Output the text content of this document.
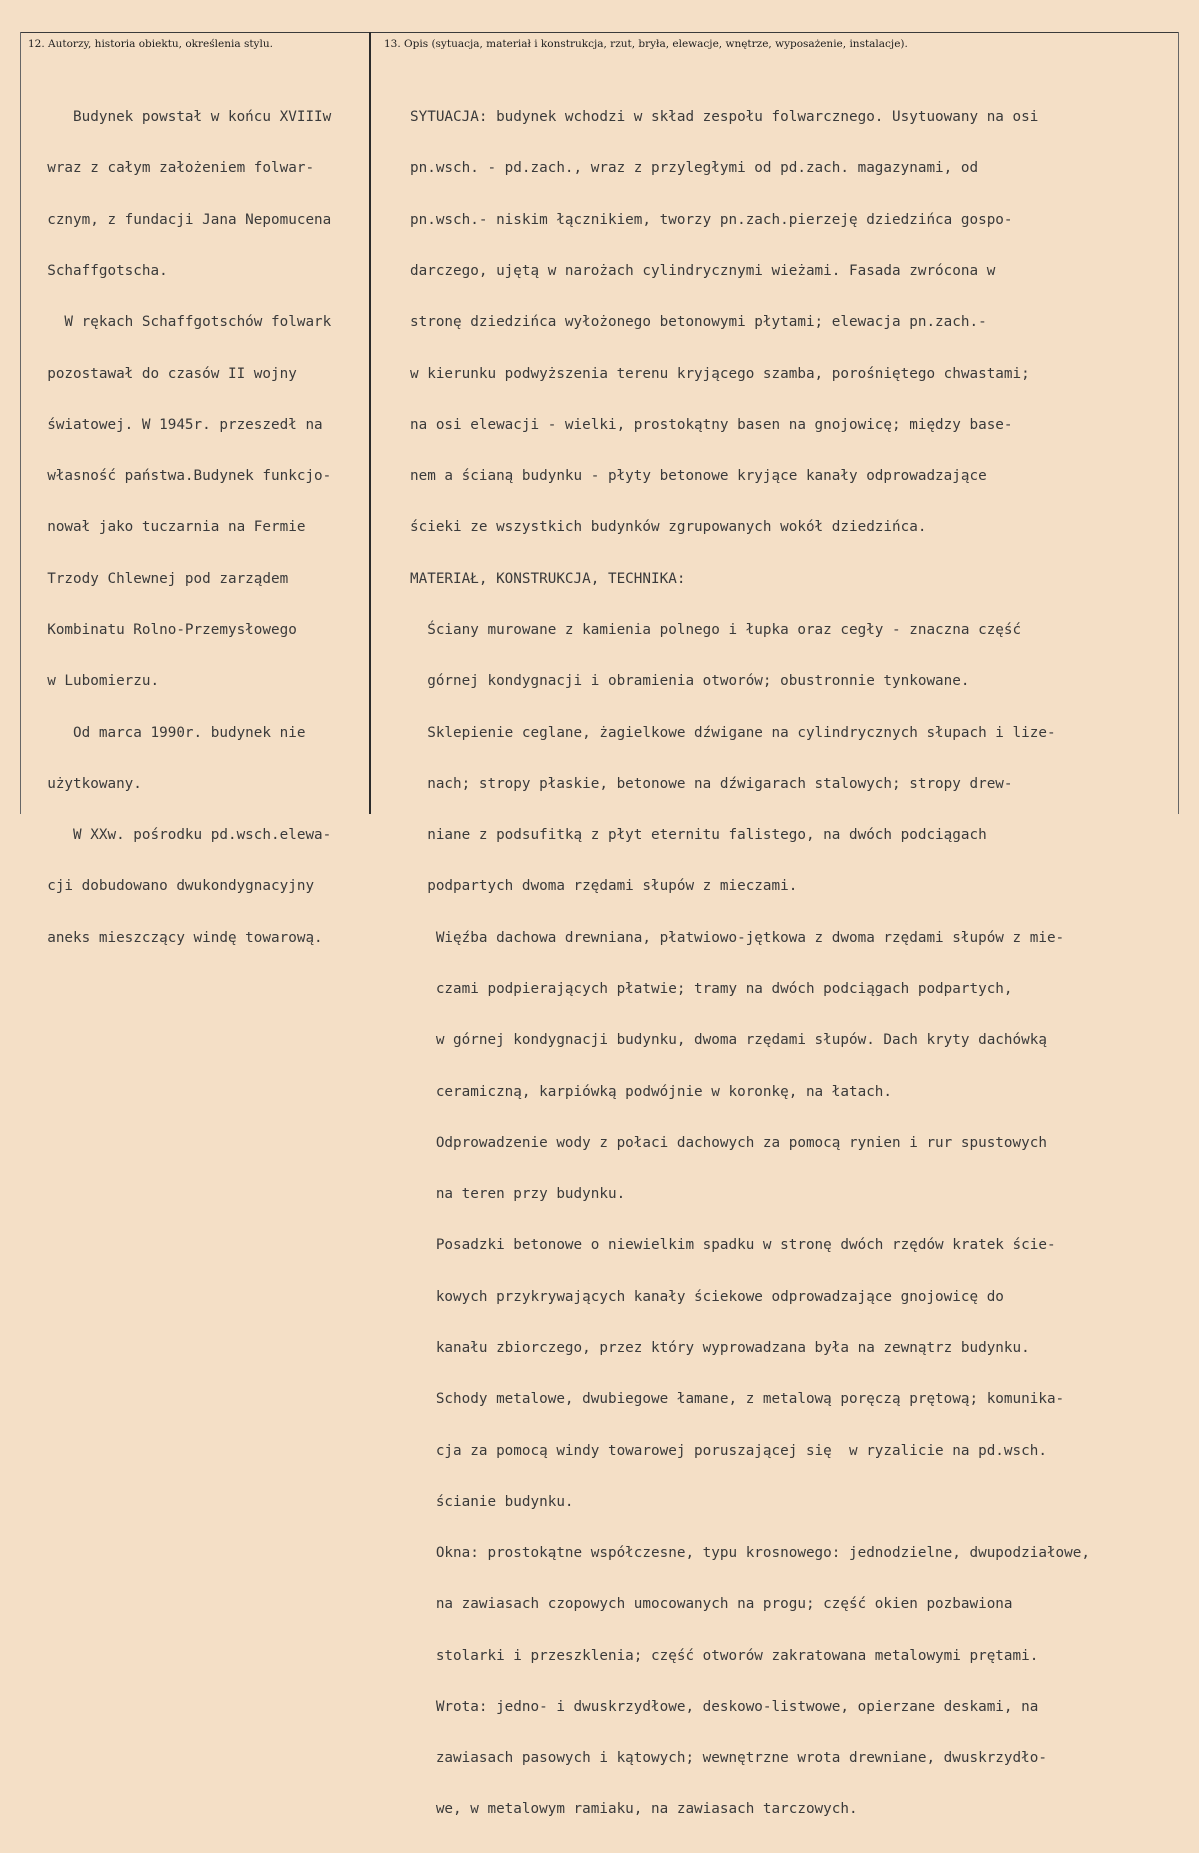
12. Autorzy, historia obiektu, określenia stylu.	13. Opis (sytuacja, materiał i konstrukcja, rzut, bryła, elewacje, wnętrze, wyposażenie, instalacje).

Budynek powstał w końcu XVIIIw

wraz z całym założeniem folwar-

cznym, z fundacji Jana Nepomucena

Schaffgotscha.

W rękach Schaffgotschów folwark

pozostawał do czasów II wojny

światowej. W 1945r. przeszedł na

własność państwa.Budynek funkcjo-

nował jako tuczarnia na Fermie

Trzody Chlewnej pod zarządem

Kombinatu Rolno-Przemysłowego

w Lubomierzu.

Od marca 1990r. budynek nie

użytkowany.

W XXw. pośrodku pd.wsch.elewa-

cji dobudowano dwukondygnacyjny

aneks mieszczący windę towarową.

SYTUACJA: budynek wchodzi w skład zespołu folwarcznego. Usytuowany na osi

pn.wsch. - pd.zach., wraz z przyległymi od pd.zach. magazynami, od

pn.wsch.- niskim łącznikiem, tworzy pn.zach.pierzeję dziedzińca gospo-

darczego, ujętą w narożach cylindrycznymi wieżami. Fasada zwrócona w

stronę dziedzińca wyłożonego betonowymi płytami; elewacja pn.zach.-

w kierunku podwyższenia terenu kryjącego szamba, porośniętego chwastami;

na osi elewacji - wielki, prostokątny basen na gnojowicę; między base-

nem a ścianą budynku - płyty betonowe kryjące kanały odprowadzające

ścieki ze wszystkich budynków zgrupowanych wokół dziedzińca.

MATERIAŁ, KONSTRUKCJA, TECHNIKA:

Ściany murowane z kamienia polnego i łupka oraz cegły - znaczna część

górnej kondygnacji i obramienia otworów; obustronnie tynkowane.

Sklepienie ceglane, żagielkowe dźwigane na cylindrycznych słupach i lize-

nach; stropy płaskie, betonowe na dźwigarach stalowych; stropy drew-

niane z podsufitką z płyt eternitu falistego, na dwóch podciągach

podpartych dwoma rzędami słupów z mieczami.

Więźba dachowa drewniana, płatwiowo-jętkowa z dwoma rzędami słupów z mie-

czami podpierających płatwie; tramy na dwóch podciągach podpartych,

w górnej kondygnacji budynku, dwoma rzędami słupów. Dach kryty dachówką

ceramiczną, karpiówką podwójnie w koronkę, na łatach.

Odprowadzenie wody z połaci dachowych za pomocą rynien i rur spustowych

na teren przy budynku.

Posadzki betonowe o niewielkim spadku w stronę dwóch rzędów kratek ście-

kowych przykrywających kanały ściekowe odprowadzające gnojowicę do

kanału zbiorczego, przez który wyprowadzana była na zewnątrz budynku.

Schody metalowe, dwubiegowe łamane, z metalową poręczą prętową; komunika-

cja za pomocą windy towarowej poruszającej się  w ryzalicie na pd.wsch.

ścianie budynku.

Okna: prostokątne współczesne, typu krosnowego: jednodzielne, dwupodziałowe,

na zawiasach czopowych umocowanych na progu; część okien pozbawiona

stolarki i przeszklenia; część otworów zakratowana metalowymi prętami.

Wrota: jedno- i dwuskrzydłowe, deskowo-listwowe, opierzane deskami, na

zawiasach pasowych i kątowych; wewnętrzne wrota drewniane, dwuskrzydło-

we, w metalowym ramiaku, na zawiasach tarczowych.
